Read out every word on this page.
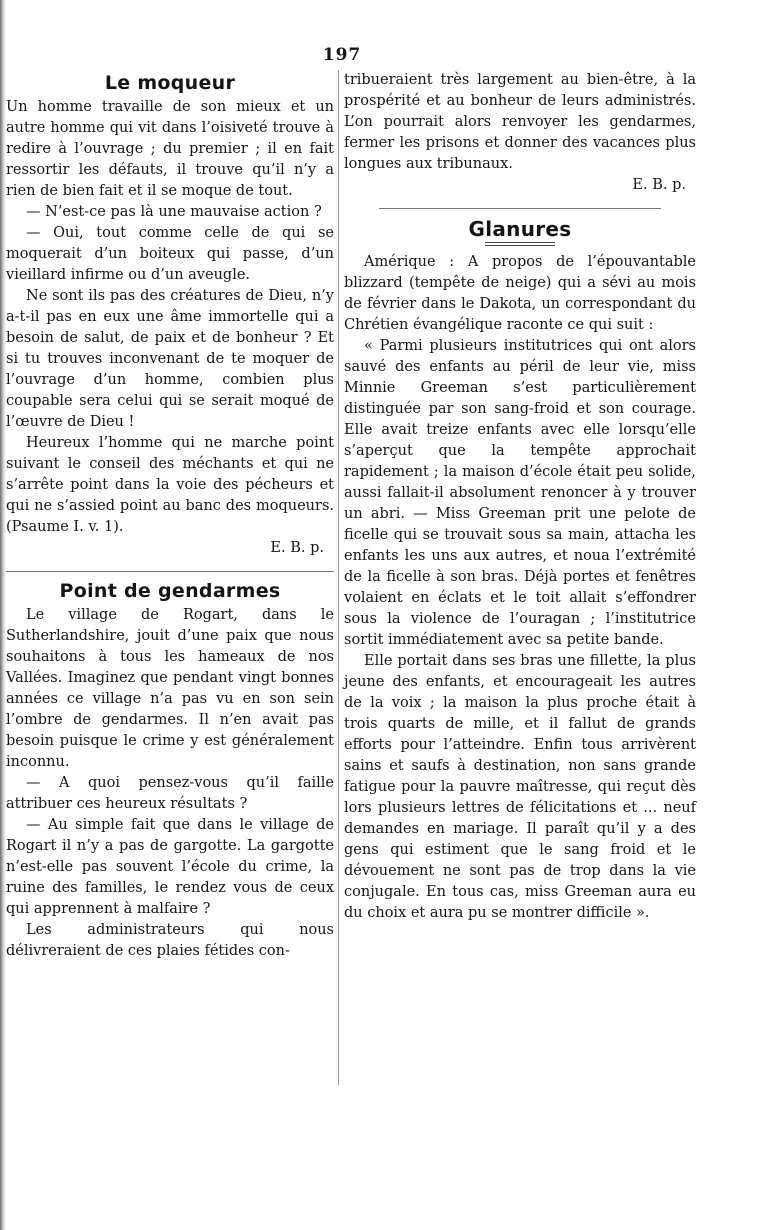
197
Le moqueur

Un homme travaille de son mieux et un autre homme qui vit dans l’oisiveté trouve à redire à l’ouvrage ; du premier ; il en fait ressortir les défauts, il trouve qu’il n’y a rien de bien fait et il se moque de tout.

— N’est-ce pas là une mauvaise action ?

— Oui, tout comme celle de qui se moquerait d’un boiteux qui passe, d’un vieillard infirme ou d’un aveugle.

Ne sont ils pas des créatures de Dieu, n’y a-t-il pas en eux une âme immortelle qui a besoin de salut, de paix et de bonheur ? Et si tu trouves inconvenant de te moquer de l’ouvrage d’un homme, combien plus coupable sera celui qui se serait moqué de l’œuvre de Dieu !

Heureux l’homme qui ne marche point suivant le conseil des méchants et qui ne s’arrête point dans la voie des pécheurs et qui ne s’assied point au banc des moqueurs. (Psaume I. v. 1).

E. B. p.
Point de gendarmes

Le village de Rogart, dans le Sutherlandshire, jouit d’une paix que nous souhaitons à tous les hameaux de nos Vallées. Imaginez que pendant vingt bonnes années ce village n’a pas vu en son sein l’ombre de gendarmes. Il n’en avait pas besoin puisque le crime y est généralement inconnu.

— A quoi pensez-vous qu’il faille attribuer ces heureux résultats ?

— Au simple fait que dans le village de Rogart il n’y a pas de gargotte. La gargotte n’est-elle pas souvent l’école du crime, la ruine des familles, le rendez vous de ceux qui apprennent à malfaire ?

Les administrateurs qui nous délivreraient de ces plaies fétides con-

tribueraient très largement au bien-être, à la prospérité et au bonheur de leurs administrés. L’on pourrait alors renvoyer les gendarmes, fermer les prisons et donner des vacances plus longues aux tribunaux.

E. B. p.
Glanures

Amérique : A propos de l’épouvantable blizzard (tempête de neige) qui a sévi au mois de février dans le Dakota, un correspondant du Chrétien évangélique raconte ce qui suit :

« Parmi plusieurs institutrices qui ont alors sauvé des enfants au péril de leur vie, miss Minnie Greeman s’est particulièrement distinguée par son sang-froid et son courage. Elle avait treize enfants avec elle lorsqu’elle s’aperçut que la tempête approchait rapidement ; la maison d’école était peu solide, aussi fallait-il absolument renoncer à y trouver un abri. — Miss Greeman prit une pelote de ficelle qui se trouvait sous sa main, attacha les enfants les uns aux autres, et noua l’extrémité de la ficelle à son bras. Déjà portes et fenêtres volaient en éclats et le toit allait s’effondrer sous la violence de l’ouragan ; l’institutrice sortit immédiatement avec sa petite bande.

Elle portait dans ses bras une fillette, la plus jeune des enfants, et encourageait les autres de la voix ; la maison la plus proche était à trois quarts de mille, et il fallut de grands efforts pour l’atteindre. Enfin tous arrivèrent sains et saufs à destination, non sans grande fatigue pour la pauvre maîtresse, qui reçut dès lors plusieurs lettres de félicitations et ... neuf demandes en mariage. Il paraît qu’il y a des gens qui estiment que le sang froid et le dévouement ne sont pas de trop dans la vie conjugale. En tous cas, miss Greeman aura eu du choix et aura pu se montrer difficile ».
